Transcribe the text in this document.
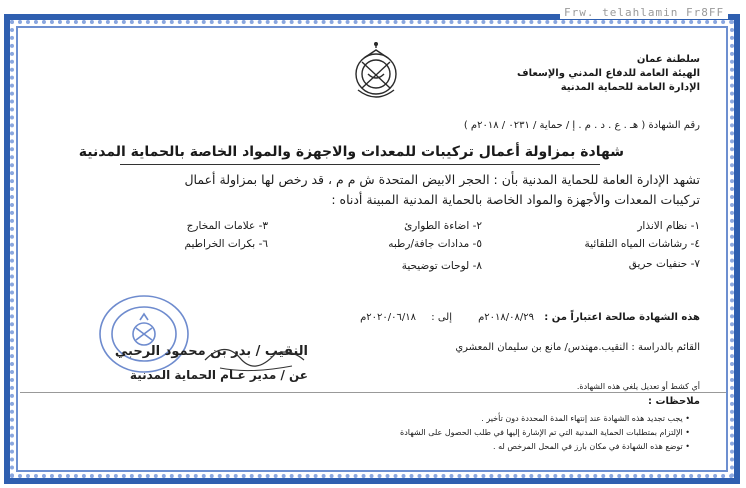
Frw. telahlamin Fr8FF
سلطنة عمان
الهيئة العامة للدفاع المدني والإسعاف
الإدارة العامة للحماية المدنية
رقم الشهادة ( هـ . ع . د . م . إ / حماية / ٠٢٣١ / ٢٠١٨م )
شهادة بمزاولة أعمال تركيبات للمعدات والاجهزة والمواد الخاصة بالحماية المدنية
تشهد الإدارة العامة للحماية المدنية بأن : الحجر الابيض المتحدة ش م م ، قد رخص لها بمزاولة أعمال
تركيبات المعدات والأجهزة والمواد الخاصة بالحماية المدنية المبينة أدناه :
١- نظام الانذار
٢- اضاءة الطوارئ
٣- علامات المخارج
٤- رشاشات المياه التلقائية
٥- مدادات جافة/رطبه
٦- بكرات الخراطيم
٧- حنفيات حريق
٨- لوحات توضيحية
هذه الشهادة صالحة اعتباراً من :
٢٠١٨/٠٨/٢٩م
إلى :
٢٠٢٠/٠٦/١٨م
القائم بالدراسة : النقيب.مهندس/ مانع بن سليمان المعشري
النقيب / بدر بن محمود الرحبي
عن / مدير عـام الحماية المدنية
أي كشط أو تعديل يلغي هذه الشهادة.
ملاحظات :
• يجب تجديد هذه الشهادة عند إنتهاء المدة المحددة دون تأخير .
• الإلتزام بمتطلبات الحماية المدنية التي تم الإشارة إليها في طلب الحصول على الشهادة
• توضع هذه الشهادة في مكان بارز في المحل المرخص له .
